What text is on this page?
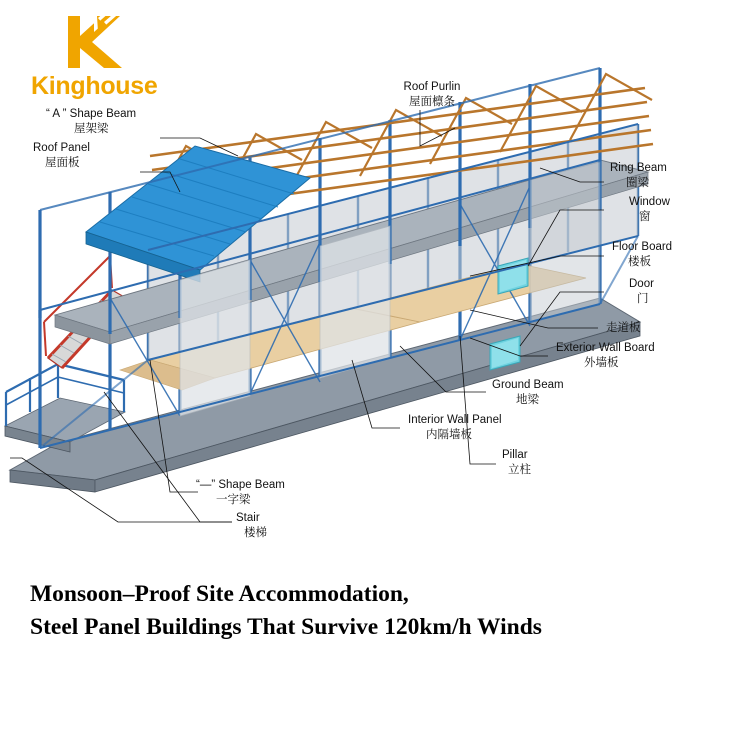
Kinghouse	Roof Purlin
屋面檩条
“ A ” Shape Beam
屋架梁
Roof Panel
屋面板	Ring Beam
圈梁
Window
窗
Floor Board
楼板
Door
门
走道板
Exterior Wall Board
外墙板
Ground Beam
地梁
Interior Wall Panel
内隔墙板
Pillar
立柱
“—” Shape Beam
一字梁
Stair
楼梯
Monsoon–Proof Site Accommodation,
Steel Panel Buildings That Survive 120km/h Winds
